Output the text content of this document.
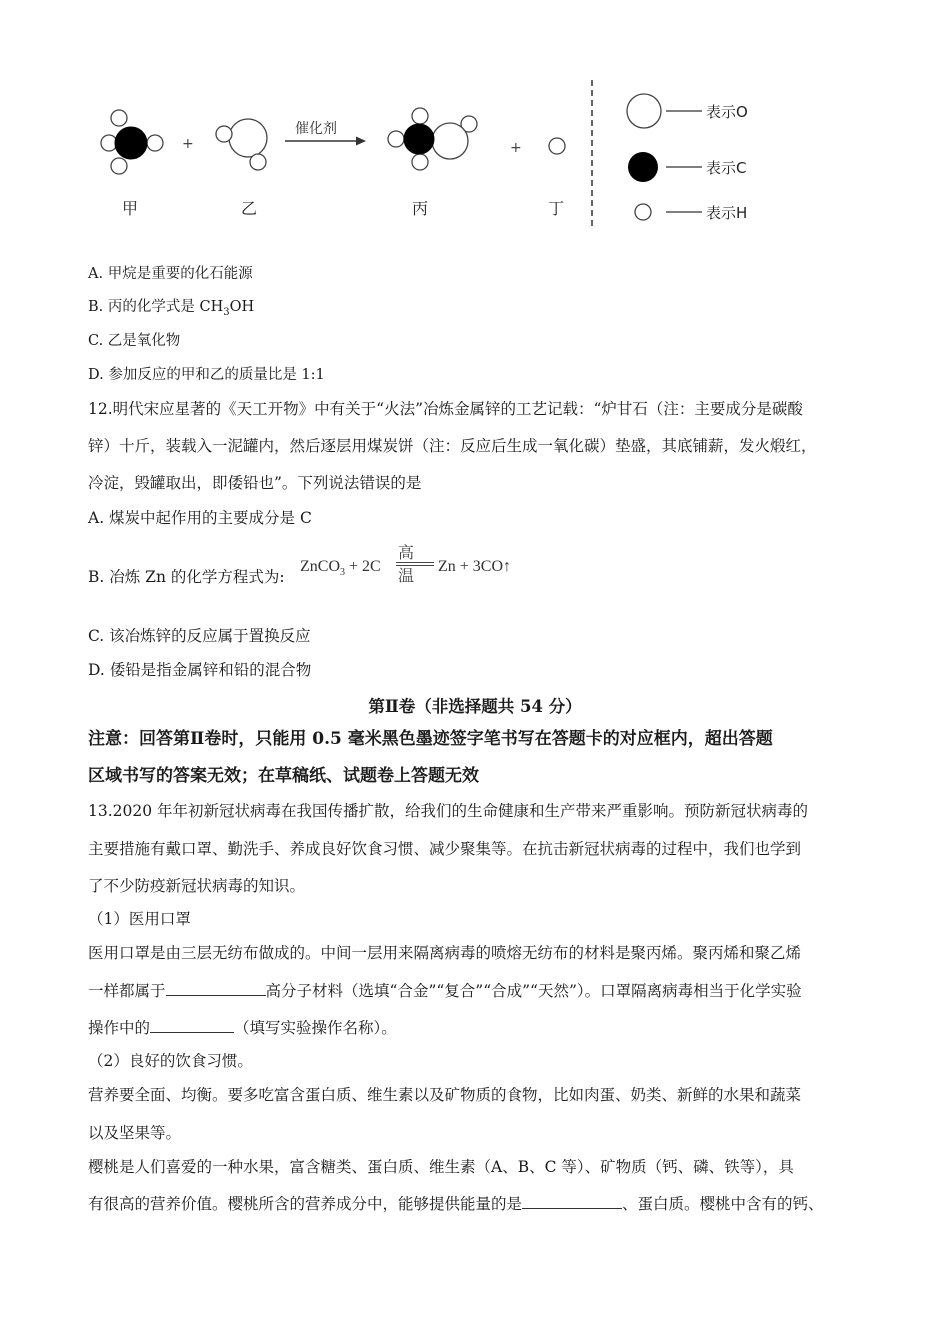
+
催化剂
+
甲	乙	丙	丁
表示O
表示C
表示H
A. 甲烷是重要的化石能源
B. 丙的化学式是 $CH_3OH$
C. 乙是氧化物
D. 参加反应的甲和乙的质量比是 1:1
12.明代宋应星著的《天工开物》中有关于“火法”冶炼金属锌的工艺记载：“炉甘石（注：主要成分是碳酸
锌）十斤，装载入一泥罐内，然后逐层用煤炭饼（注：反应后生成一氧化碳）垫盛，其底铺薪，发火煅红，
冷淀，毁罐取出，即倭铅也”。下列说法错误的是
A. 煤炭中起作用的主要成分是 C
B. 冶炼 Zn 的化学方程式为:
高温
ZnCO$_3$ + 2C	Zn + 3CO↑
C. 该冶炼锌的反应属于置换反应
D. 倭铅是指金属锌和铅的混合物
第Ⅱ卷（非选择题共 54 分）
注意：回答第Ⅱ卷时，只能用 0.5 毫米黑色墨迹签字笔书写在答题卡的对应框内，超出答题
区域书写的答案无效；在草稿纸、试题卷上答题无效
13.2020 年年初新冠状病毒在我国传播扩散，给我们的生命健康和生产带来严重影响。预防新冠状病毒的
主要措施有戴口罩、勤洗手、养成良好饮食习惯、减少聚集等。在抗击新冠状病毒的过程中，我们也学到
了不少防疫新冠状病毒的知识。
（1）医用口罩
医用口罩是由三层无纺布做成的。中间一层用来隔离病毒的喷熔无纺布的材料是聚丙烯。聚丙烯和聚乙烯
一样都属于	高分子材料（选填“合金”“复合”“合成”“天然”）。口罩隔离病毒相当于化学实验
操作中的	（填写实验操作名称）。
（2）良好的饮食习惯。
营养要全面、均衡。要多吃富含蛋白质、维生素以及矿物质的食物，比如肉蛋、奶类、新鲜的水果和蔬菜
以及坚果等。
樱桃是人们喜爱的一种水果，富含糖类、蛋白质、维生素（A、B、C 等）、矿物质（钙、磷、铁等），具
有很高的营养价值。樱桃所含的营养成分中，能够提供能量的是	、蛋白质。樱桃中含有的钙、
